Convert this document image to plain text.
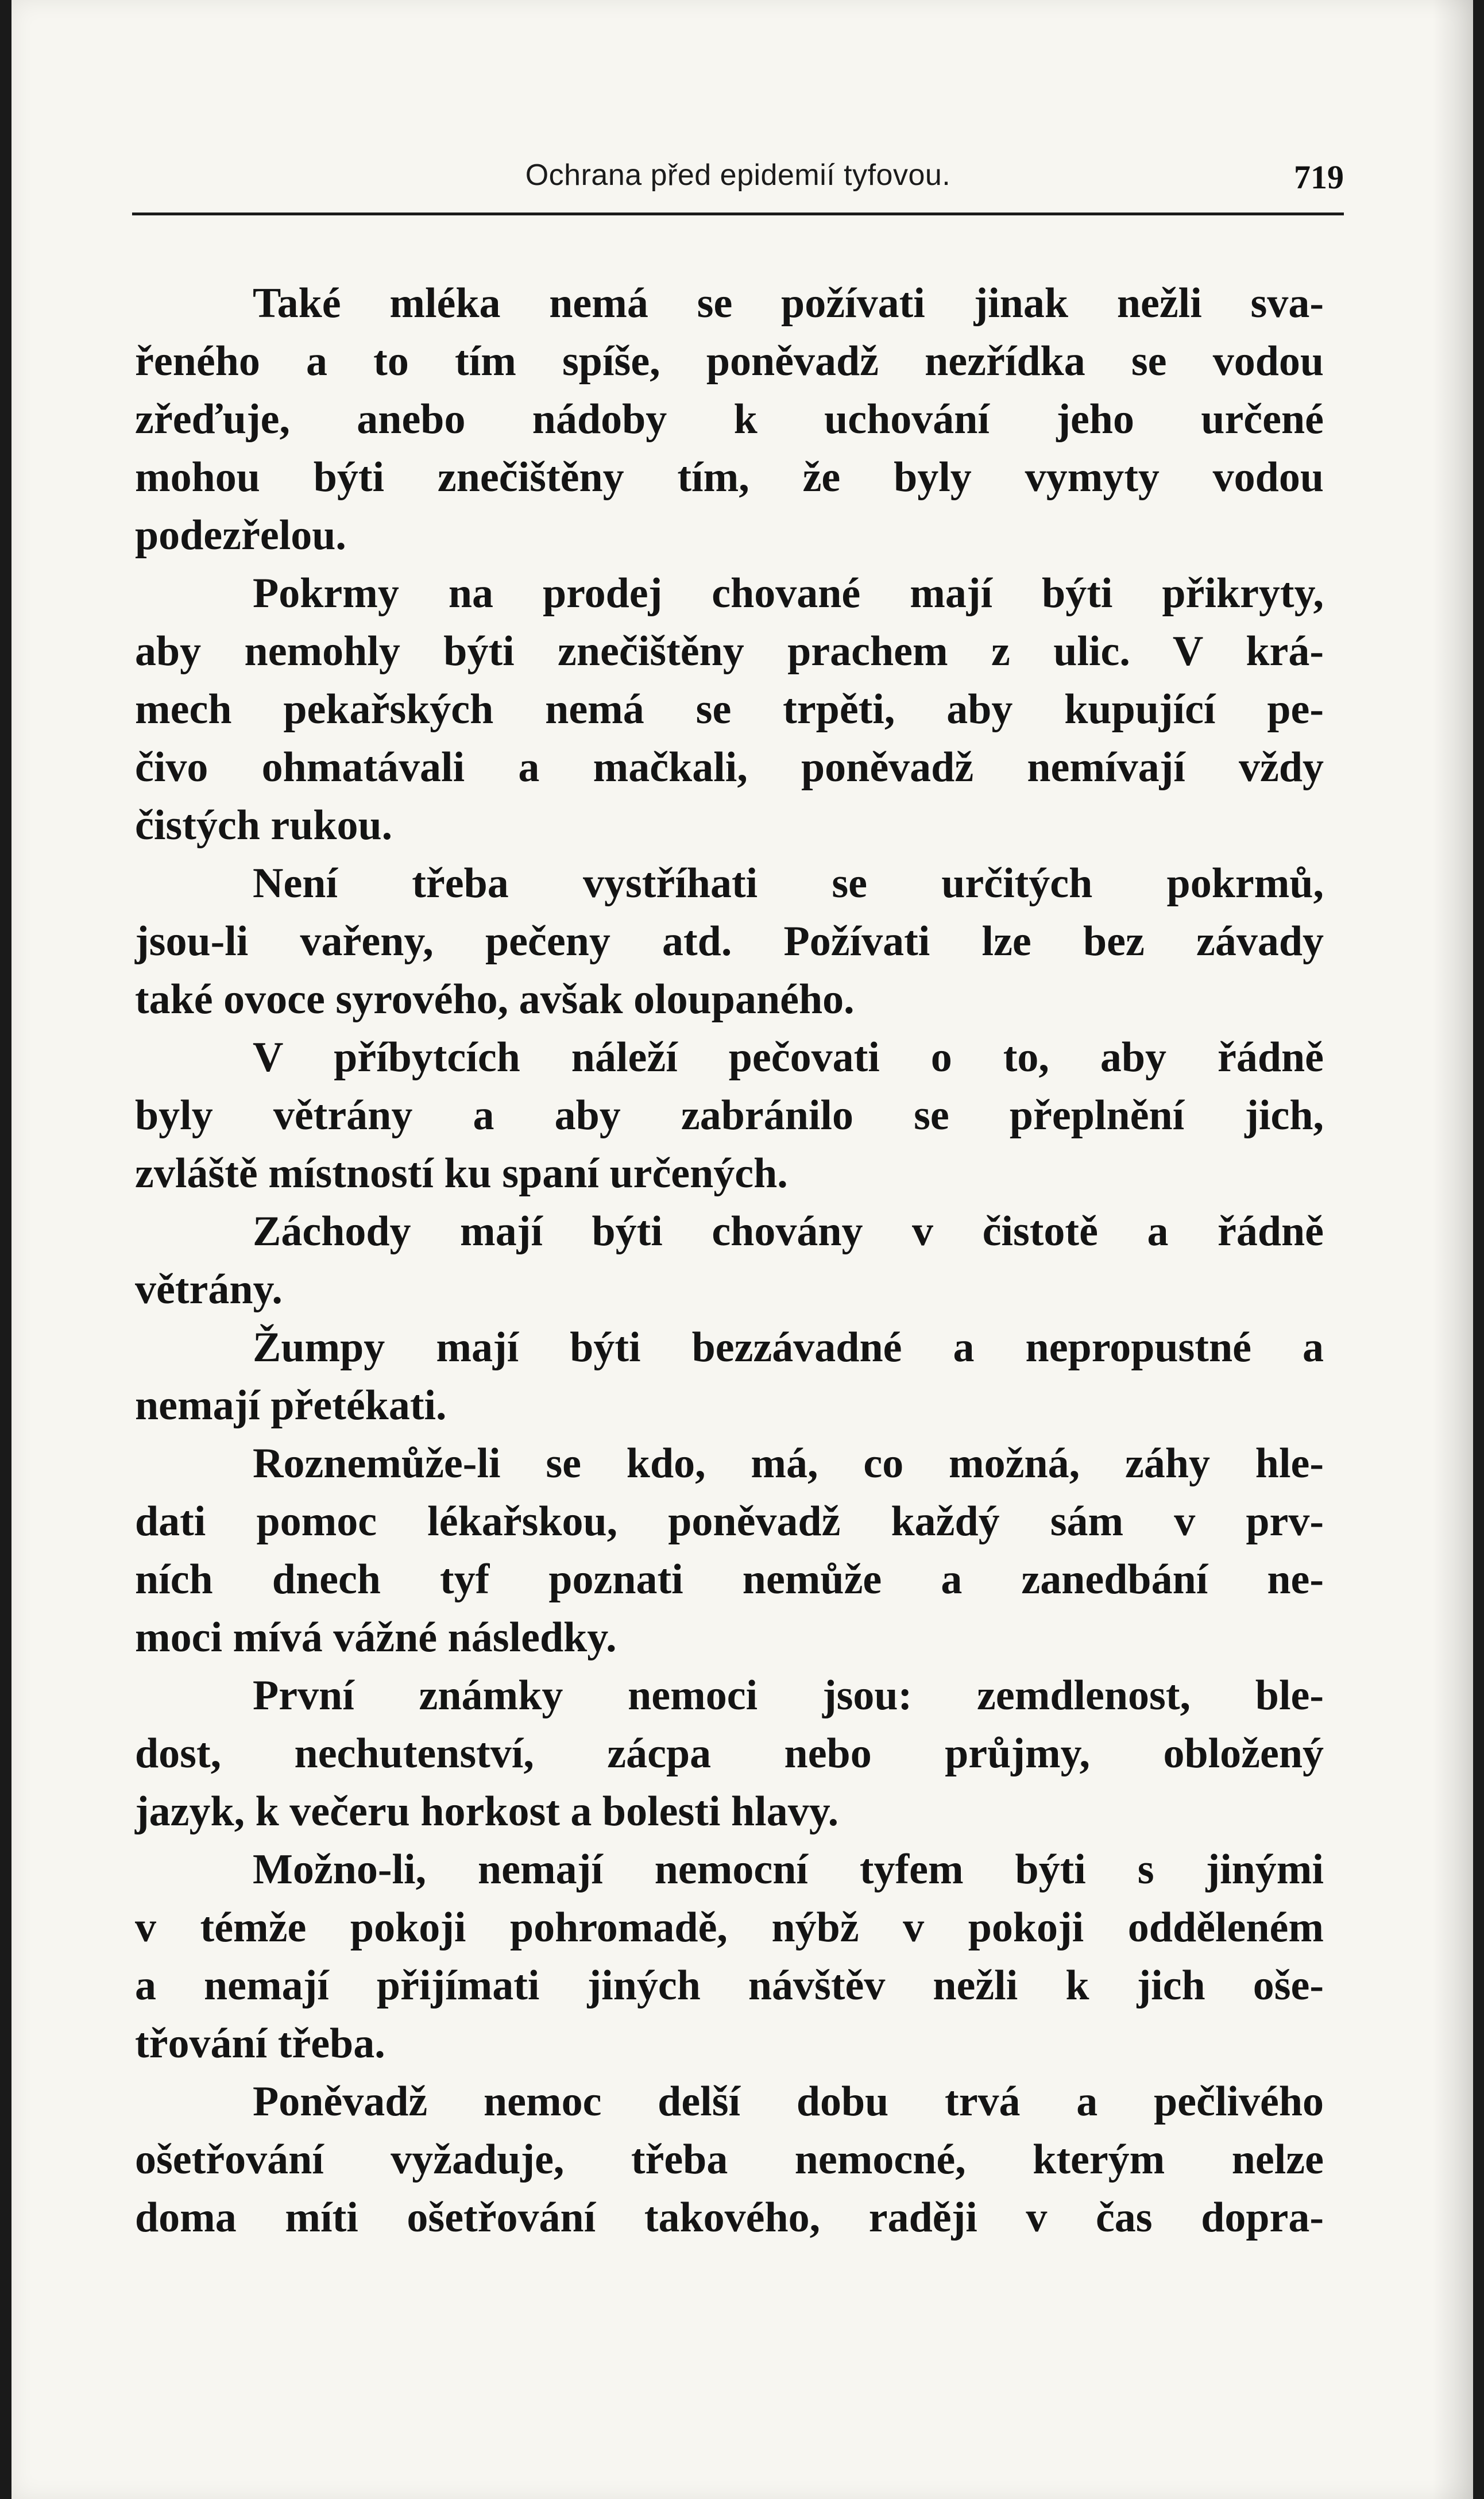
Ochrana před epidemií tyfovou.	719
Také mléka nemá se požívati jinak nežli sva-
řeného a to tím spíše, poněvadž nezřídka se vodou
zřeďuje, anebo nádoby k uchování jeho určené
mohou býti znečištěny tím, že byly vymyty vodou
podezřelou.
Pokrmy na prodej chované mají býti přikryty,
aby nemohly býti znečištěny prachem z ulic. V krá-
mech pekařských nemá se trpěti, aby kupující pe-
čivo ohmatávali a mačkali, poněvadž nemívají vždy
čistých rukou.
Není třeba vystříhati se určitých pokrmů,
jsou-li vařeny, pečeny atd. Požívati lze bez závady
také ovoce syrového, avšak oloupaného.
V příbytcích náleží pečovati o to, aby řádně
byly větrány a aby zabránilo se přeplnění jich,
zvláště místností ku spaní určených.
Záchody mají býti chovány v čistotě a řádně
větrány.
Žumpy mají býti bezzávadné a nepropustné a
nemají přetékati.
Roznemůže-li se kdo, má, co možná, záhy hle-
dati pomoc lékařskou, poněvadž každý sám v prv-
ních dnech tyf poznati nemůže a zanedbání ne-
moci mívá vážné následky.
První známky nemoci jsou: zemdlenost, ble-
dost, nechutenství, zácpa nebo průjmy, obložený
jazyk, k večeru horkost a bolesti hlavy.
Možno-li, nemají nemocní tyfem býti s jinými
v témže pokoji pohromadě, nýbž v pokoji odděleném
a nemají přijímati jiných návštěv nežli k jich oše-
třování třeba.
Poněvadž nemoc delší dobu trvá a pečlivého
ošetřování vyžaduje, třeba nemocné, kterým nelze
doma míti ošetřování takového, raději v čas dopra-
